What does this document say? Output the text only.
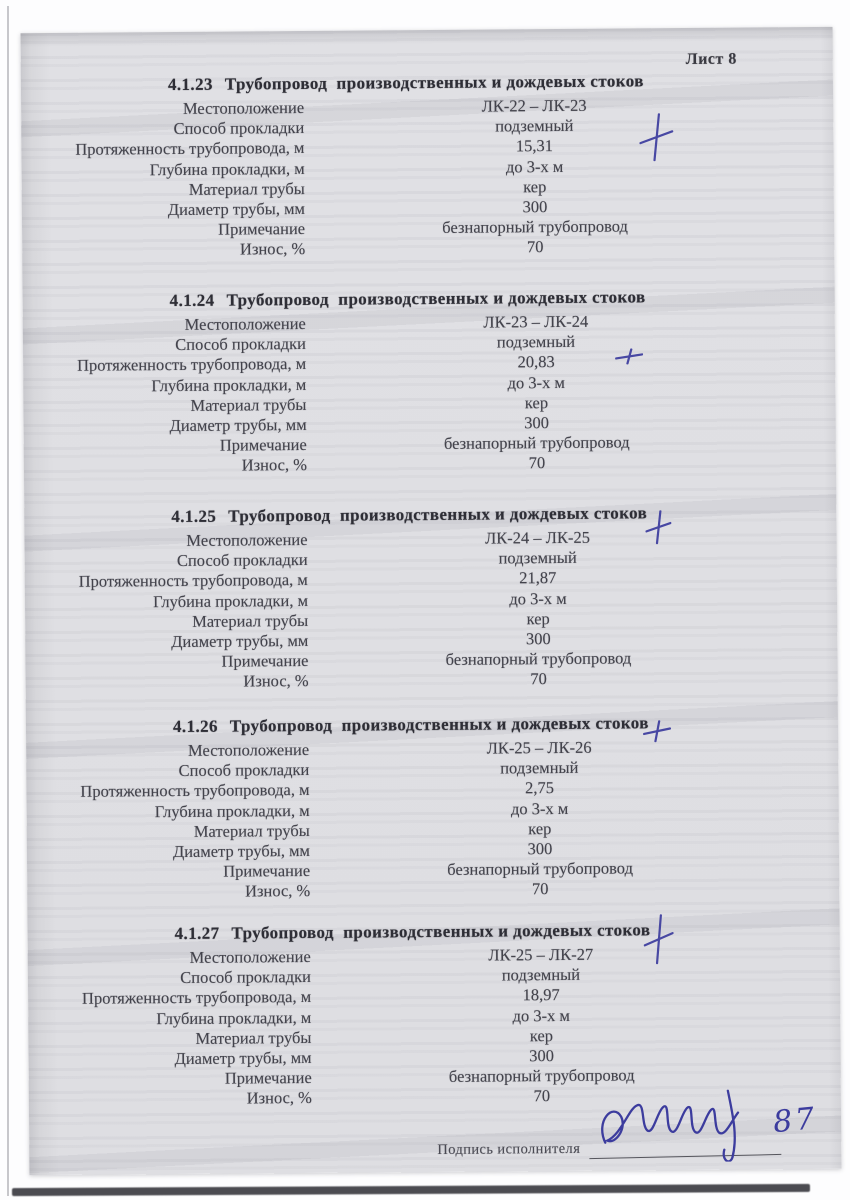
Лист 8
Подпись исполнителя
87
4.1.23 Трубопровод  производственных и дождевых стоков
Местоположение	ЛК-22 – ЛК-23
Способ прокладки	подземный
Протяженность трубопровода, м	15,31
Глубина прокладки, м	до 3-х м
Материал трубы	кер
Диаметр трубы, мм	300
Примечание	безнапорный трубопровод
Износ, %	70
4.1.24 Трубопровод  производственных и дождевых стоков
Местоположение	ЛК-23 – ЛК-24
Способ прокладки	подземный
Протяженность трубопровода, м	20,83
Глубина прокладки, м	до 3-х м
Материал трубы	кер
Диаметр трубы, мм	300
Примечание	безнапорный трубопровод
Износ, %	70
4.1.25 Трубопровод  производственных и дождевых стоков
Местоположение	ЛК-24 – ЛК-25
Способ прокладки	подземный
Протяженность трубопровода, м	21,87
Глубина прокладки, м	до 3-х м
Материал трубы	кер
Диаметр трубы, мм	300
Примечание	безнапорный трубопровод
Износ, %	70
4.1.26 Трубопровод  производственных и дождевых стоков
Местоположение	ЛК-25 – ЛК-26
Способ прокладки	подземный
Протяженность трубопровода, м	2,75
Глубина прокладки, м	до 3-х м
Материал трубы	кер
Диаметр трубы, мм	300
Примечание	безнапорный трубопровод
Износ, %	70
4.1.27 Трубопровод  производственных и дождевых стоков
Местоположение	ЛК-25 – ЛК-27
Способ прокладки	подземный
Протяженность трубопровода, м	18,97
Глубина прокладки, м	до 3-х м
Материал трубы	кер
Диаметр трубы, мм	300
Примечание	безнапорный трубопровод
Износ, %	70
